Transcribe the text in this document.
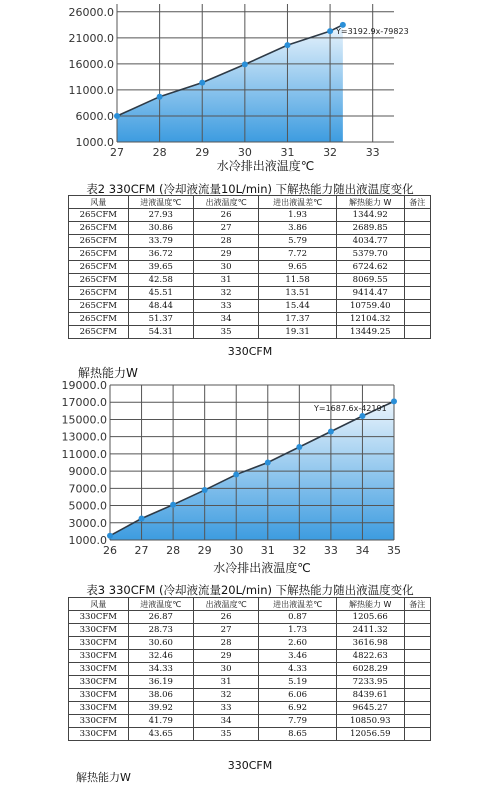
27	28	29	30	31	32	33
1000.0
6000.0
11000.0
16000.0
21000.0
26000.0
Y=3192.9x-79823
水冷排出液温度℃
表2 330CFM (冷却液流量10L/min) 下解热能力随出液温度变化
风量	进液温度℃	出液温度℃	进出液温差℃	解热能力 W	备注
265CFM	27.93	26	1.93	1344.92	
265CFM	30.86	27	3.86	2689.85	
265CFM	33.79	28	5.79	4034.77	
265CFM	36.72	29	7.72	5379.70	
265CFM	39.65	30	9.65	6724.62	
265CFM	42.58	31	11.58	8069.55	
265CFM	45.51	32	13.51	9414.47	
265CFM	48.44	33	15.44	10759.40	
265CFM	51.37	34	17.37	12104.32	
265CFM	54.31	35	19.31	13449.25	
330CFM
26 27 28 29 30 31 32 33 34 35
1000.0
3000.0
5000.0
7000.0
9000.0
11000.0
13000.0
15000.0
17000.0
19000.0
Y=1687.6x-42191
水冷排出液温度℃
解热能力W
表3 330CFM (冷却液流量20L/min) 下解热能力随出液温度变化
风量	进液温度℃	出液温度℃	进出液温差℃	解热能力 W	备注
330CFM	26.87	26	0.87	1205.66	
330CFM	28.73	27	1.73	2411.32	
330CFM	30.60	28	2.60	3616.98	
330CFM	32.46	29	3.46	4822.63	
330CFM	34.33	30	4.33	6028.29	
330CFM	36.19	31	5.19	7233.95	
330CFM	38.06	32	6.06	8439.61	
330CFM	39.92	33	6.92	9645.27	
330CFM	41.79	34	7.79	10850.93	
330CFM	43.65	35	8.65	12056.59	
330CFM
解热能力W
